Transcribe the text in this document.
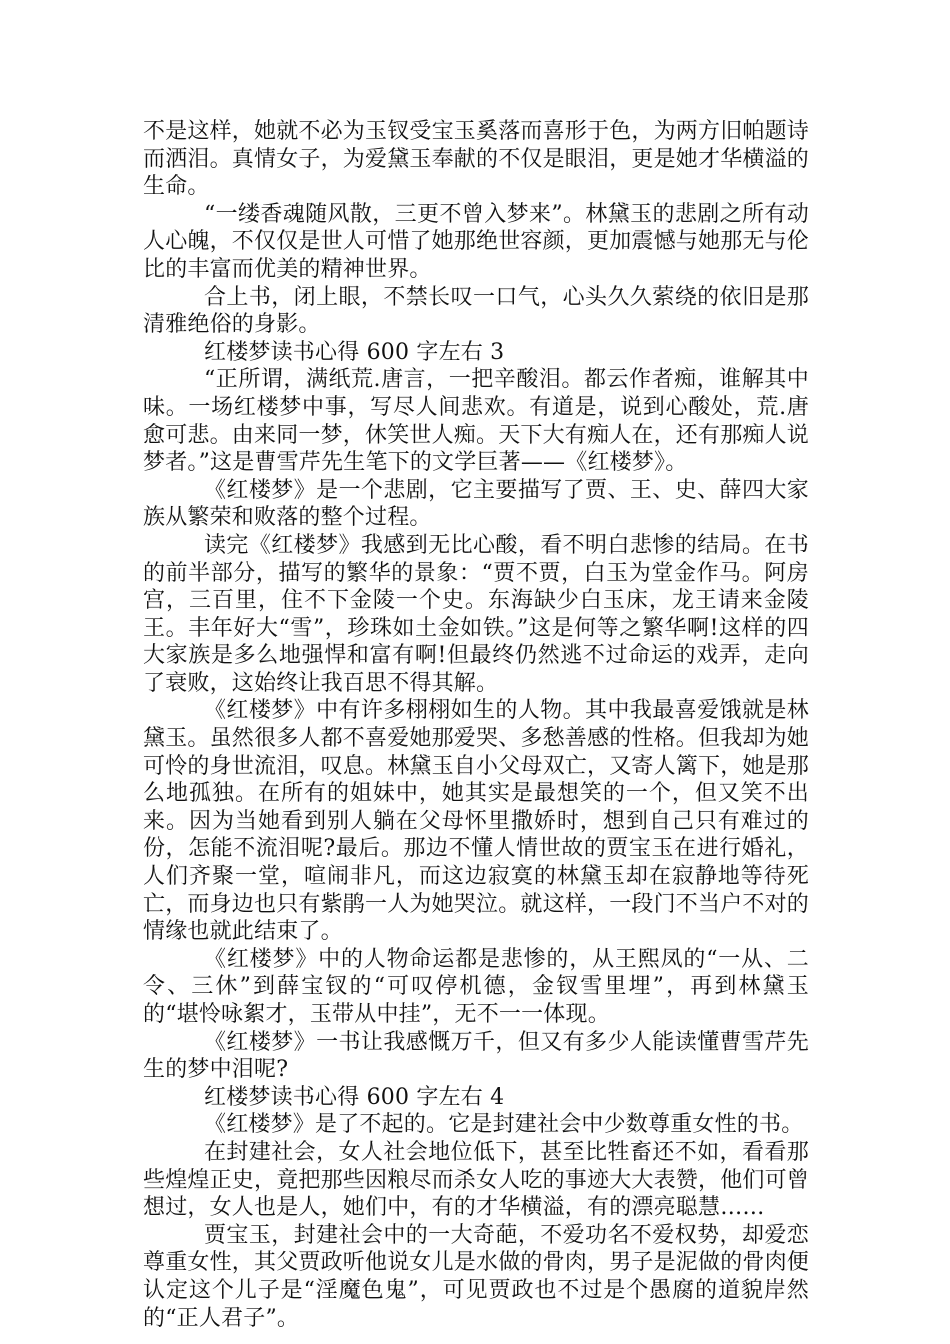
不是这样，她就不必为玉钗受宝玉奚落而喜形于色，为两方旧帕题诗而洒泪。真情女子，为爱黛玉奉献的不仅是眼泪，更是她才华横溢的生命。

“一缕香魂随风散，三更不曾入梦来”。林黛玉的悲剧之所有动人心魄，不仅仅是世人可惜了她那绝世容颜，更加震憾与她那无与伦比的丰富而优美的精神世界。

合上书，闭上眼，不禁长叹一口气，心头久久萦绕的依旧是那清雅绝俗的身影。

红楼梦读书心得 600 字左右 3

“正所谓，满纸荒.唐言，一把辛酸泪。都云作者痴，谁解其中味。一场红楼梦中事，写尽人间悲欢。有道是，说到心酸处，荒.唐愈可悲。由来同一梦，休笑世人痴。天下大有痴人在，还有那痴人说梦者。”这是曹雪芹先生笔下的文学巨著——《红楼梦》。

《红楼梦》是一个悲剧，它主要描写了贾、王、史、薛四大家族从繁荣和败落的整个过程。

读完《红楼梦》我感到无比心酸，看不明白悲惨的结局。在书的前半部分，描写的繁华的景象：“贾不贾，白玉为堂金作马。阿房宫，三百里，住不下金陵一个史。东海缺少白玉床，龙王请来金陵王。丰年好大“雪”，珍珠如土金如铁。”这是何等之繁华啊!这样的四大家族是多么地强悍和富有啊!但最终仍然逃不过命运的戏弄，走向了衰败，这始终让我百思不得其解。

《红楼梦》中有许多栩栩如生的人物。其中我最喜爱饿就是林黛玉。虽然很多人都不喜爱她那爱哭、多愁善感的性格。但我却为她可怜的身世流泪，叹息。林黛玉自小父母双亡，又寄人篱下，她是那么地孤独。在所有的姐妹中，她其实是最想笑的一个，但又笑不出来。因为当她看到别人躺在父母怀里撒娇时，想到自己只有难过的份，怎能不流泪呢?最后。那边不懂人情世故的贾宝玉在进行婚礼，人们齐聚一堂，喧闹非凡，而这边寂寞的林黛玉却在寂静地等待死亡，而身边也只有紫鹃一人为她哭泣。就这样，一段门不当户不对的情缘也就此结束了。

《红楼梦》中的人物命运都是悲惨的，从王熙凤的“一从、二令、三休”到薛宝钗的“可叹停机德，金钗雪里埋”，再到林黛玉的“堪怜咏絮才，玉带从中挂”，无不一一体现。

《红楼梦》一书让我感慨万千，但又有多少人能读懂曹雪芹先生的梦中泪呢?

红楼梦读书心得 600 字左右 4

《红楼梦》是了不起的。它是封建社会中少数尊重女性的书。

在封建社会，女人社会地位低下，甚至比牲畜还不如，看看那些煌煌正史，竟把那些因粮尽而杀女人吃的事迹大大表赞，他们可曾想过，女人也是人，她们中，有的才华横溢，有的漂亮聪慧……

贾宝玉，封建社会中的一大奇葩，不爱功名不爱权势，却爱恋尊重女性，其父贾政听他说女儿是水做的骨肉，男子是泥做的骨肉便认定这个儿子是“淫魔色鬼”，可见贾政也不过是个愚腐的道貌岸然的“正人君子”。
